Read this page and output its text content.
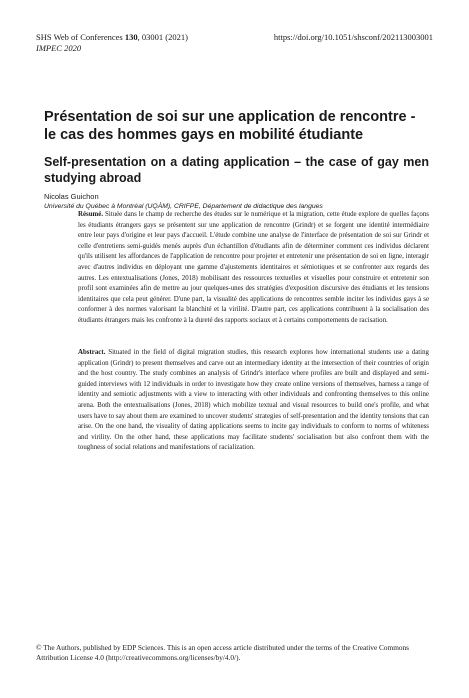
SHS Web of Conferences 130, 03001 (2021)
IMPEC 2020
https://doi.org/10.1051/shsconf/202113003001
Présentation de soi sur une application de rencontre - le cas des hommes gays en mobilité étudiante
Self-presentation on a dating application – the case of gay men studying abroad
Nicolas Guichon
Université du Québec à Montréal (UQÀM), CRIFPE, Département de didactique des langues
Résumé. Située dans le champ de recherche des études sur le numérique et la migration, cette étude explore de quelles façons les étudiants étrangers gays se présentent sur une application de rencontre (Grindr) et se forgent une identité intermédiaire entre leur pays d'origine et leur pays d'accueil. L'étude combine une analyse de l'interface de présentation de soi sur Grindr et celle d'entretiens semi-guidés menés auprès d'un échantillon d'étudiants afin de déterminer comment ces individus déclarent qu'ils utilisent les affordances de l'application de rencontre pour projeter et entretenir une présentation de soi en ligne, interagir avec d'autres individus en déployant une gamme d'ajustements identitaires et sémiotiques et se confronter aux regards des autres. Les entextualisations (Jones, 2018) mobilisant des ressources textuelles et visuelles pour construire et entretenir son profil sont examinées afin de mettre au jour quelques-unes des stratégies d'exposition discursive des étudiants et les tensions identitaires que cela peut générer. D'une part, la visualité des applications de rencontres semble inciter les individus gays à se conformer à des normes valorisant la blanchité et la virilité. D'autre part, ces applications contribuent à la socialisation des étudiants étrangers mais les confronte à la dureté des rapports sociaux et à certains comportements de racisation.
Abstract. Situated in the field of digital migration studies, this research explores how international students use a dating application (Grindr) to present themselves and carve out an intermediary identity at the intersection of their countries of origin and the host country. The study combines an analysis of Grindr's interface where profiles are built and displayed and semi-guided interviews with 12 individuals in order to investigate how they create online versions of themselves, harness a range of identity and semiotic adjustments with a view to interacting with other individuals and confronting themselves to this online arena. Both the entextualisations (Jones, 2018) which mobilize textual and visual resources to build one's profile, and what users have to say about them are examined to uncover students' strategies of self-presentation and the identity tensions that can arise. On the one hand, the visuality of dating applications seems to incite gay individuals to conform to norms of whiteness and virility. On the other hand, these applications may facilitate students' socialisation but also confront them with the toughness of social relations and manifestations of racialization.
© The Authors, published by EDP Sciences. This is an open access article distributed under the terms of the Creative Commons Attribution License 4.0 (http://creativecommons.org/licenses/by/4.0/).
